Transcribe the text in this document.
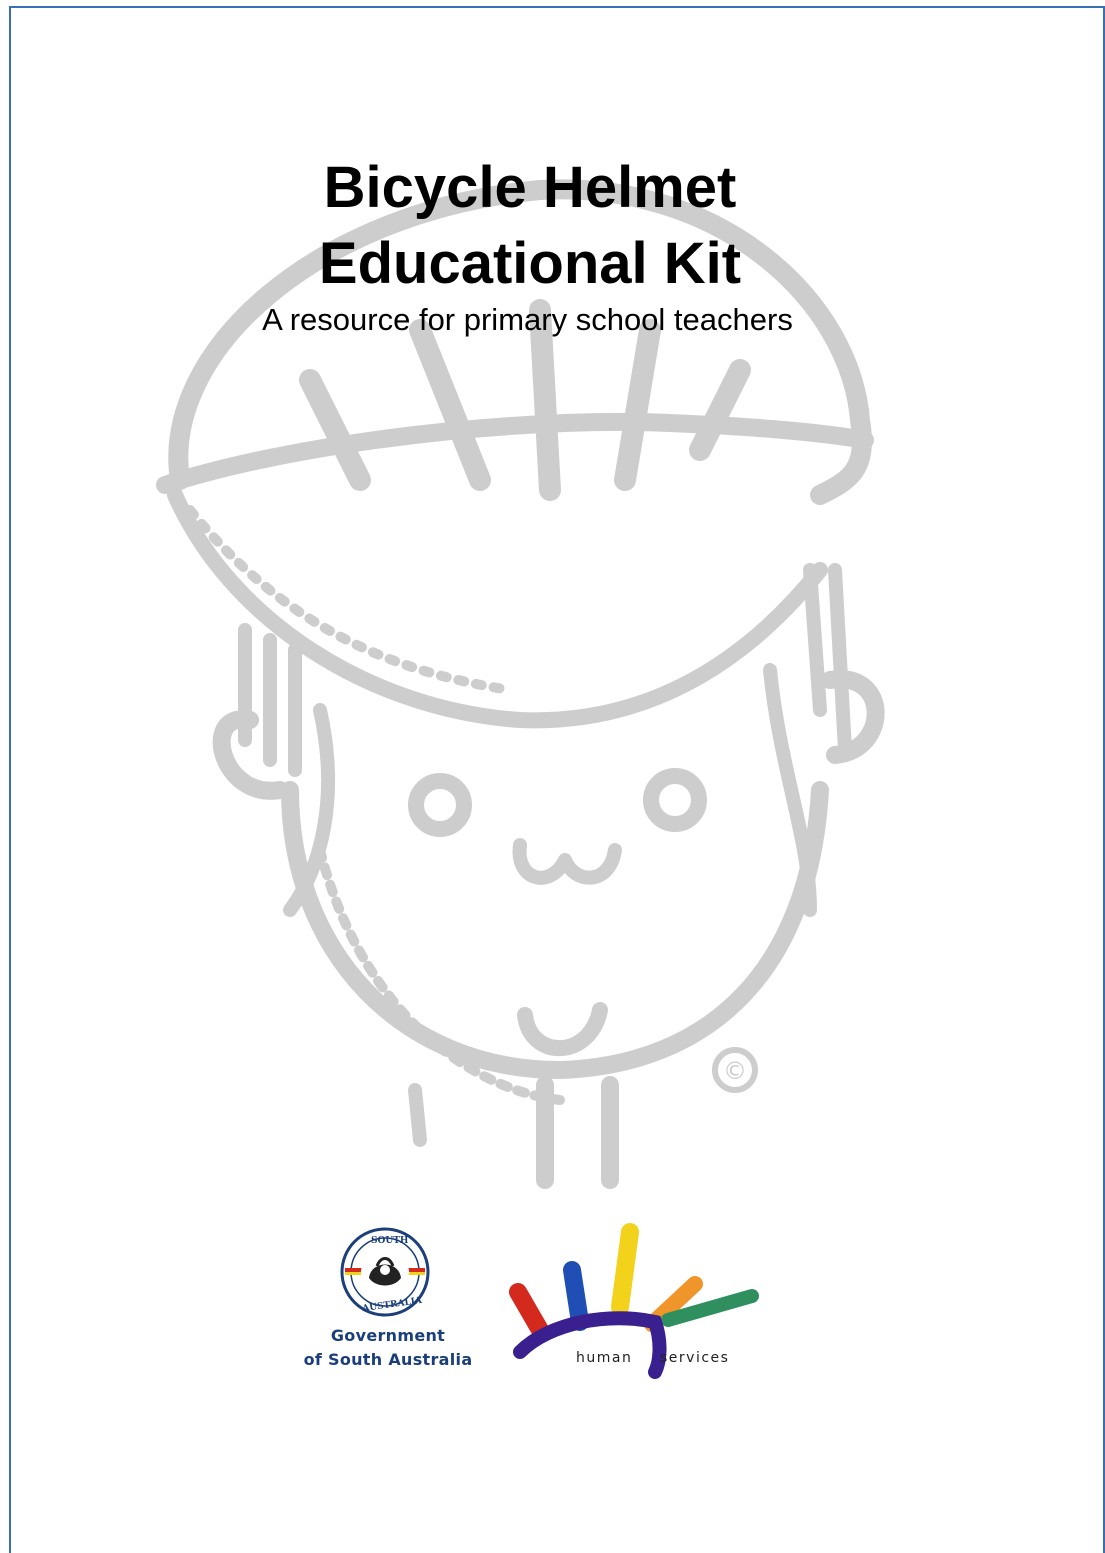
©
Bicycle Helmet
Educational Kit
A resource for primary school teachers
SOUTH
AUSTRALIA
Government
of South Australia	human services
